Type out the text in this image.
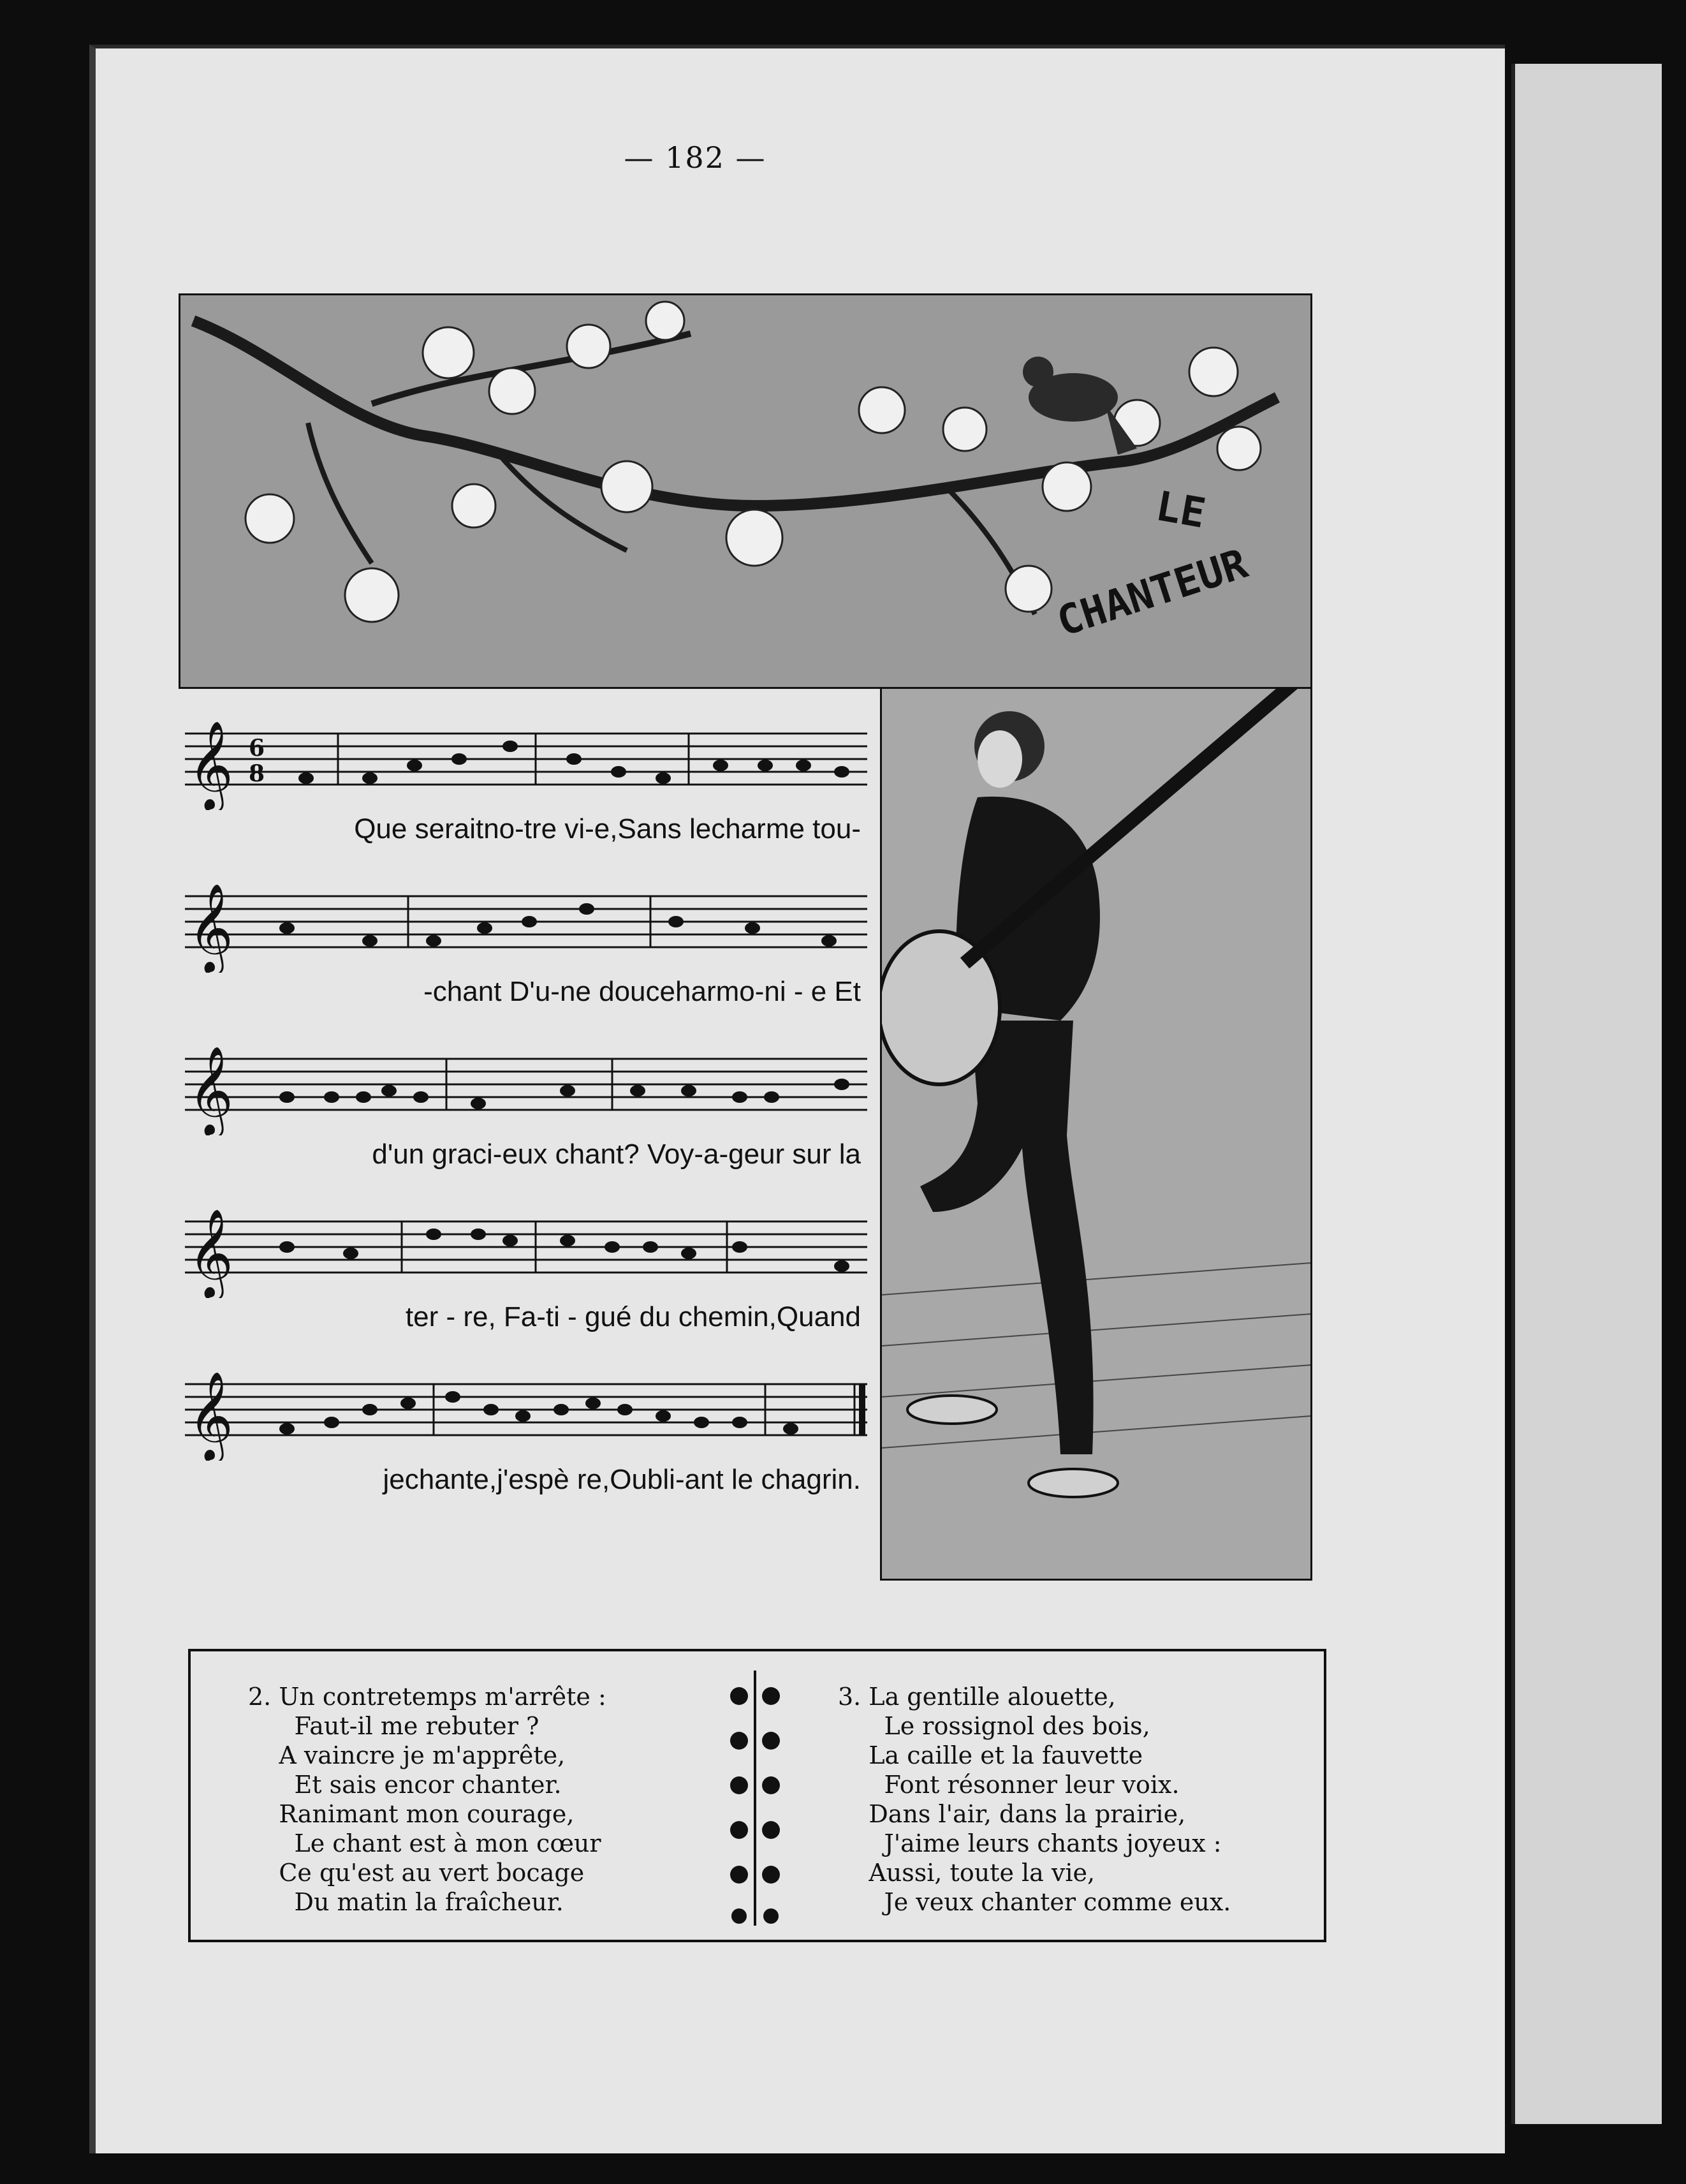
— 182 —
LE
CHANTEUR
𝄞 6
8
Que seraitno-tre vi-e,Sans lecharme tou-
𝄞
-chant D'u-ne douceharmo-ni - e Et
𝄞
d'un graci-eux chant? Voy-a-geur sur la
𝄞
ter - re, Fa-ti - gué du chemin,Quand
𝄞
jechante,j'espè re,Oubli-ant le chagrin.
2. Un contretemps m'arrête :
Faut-il me rebuter ?
A vaincre je m'apprête,
Et sais encor chanter.
Ranimant mon courage,
Le chant est à mon cœur
Ce qu'est au vert bocage
Du matin la fraîcheur.
3. La gentille alouette,
Le rossignol des bois,
La caille et la fauvette
Font résonner leur voix.
Dans l'air, dans la prairie,
J'aime leurs chants joyeux :
Aussi, toute la vie,
Je veux chanter comme eux.
